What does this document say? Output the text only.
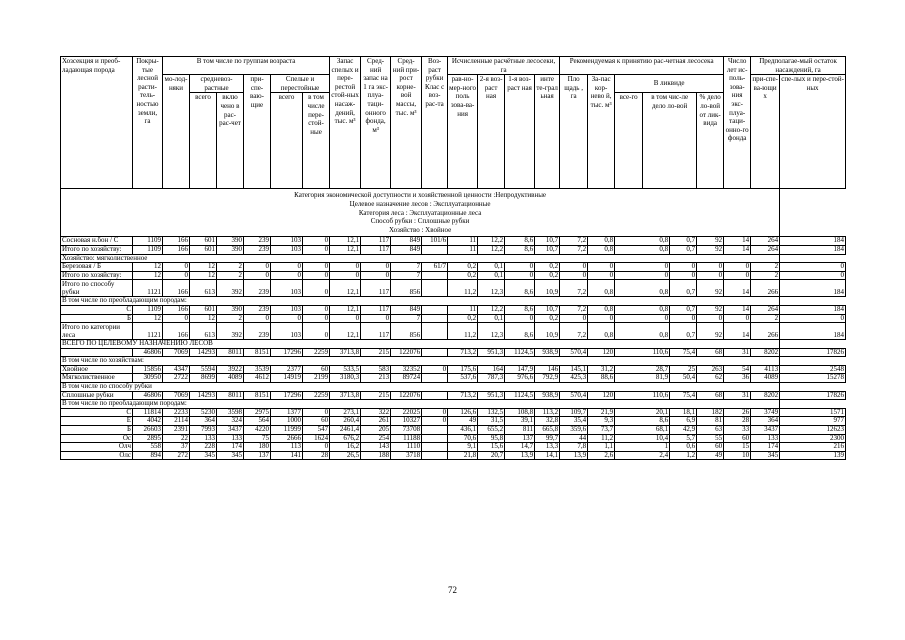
Хозсекция и преоб-ладающая порода	Покры-тые лесной расти-тель-ностью земли, га	В том числе по группам возраста						Запас спелых и пере-рестой стой-ных насаж-дений, тыс. м³	Сред-ний запас на 1 га экс-плуа-таци-онного фонда, м³	Сред-ний при-рост корне-вой массы, тыс. м³	Воз-раст рубки Клас с воз-рас-та	Исчисленные расчётные лесосеки, га				Рекомендуемая к принятию рас-четная лесосека						Число лет ис-поль-зова-ния экс-плуа-таци-онно-го фонда	Предполагае-мый остаток насаждений, га	
		мо-лод-няки	средневоз-растные		при-спе-ваю-щие	Спелые и перестойные						рав-но-мер-ного поль зова-ва-ния	2-я воз-раст ная	1-я воз-раст ная	инте те-грал ьная	Пло щадь , га	За-пас кор-нево й, тыс. м³	В ликвиде					при-спе-ва-ющи х	спе-лых и пере-стой-ных
			всего	вклю чено в рас-рас-чет		всего	в том числе пере-стой-ные											все-го	в том чис-ле дело ло-вой		% дело ло-вой от лик-вида			

Категория экономической доступности и хозяйственной ценности :Непродуктивные
Целевое назначение лесов : Эксплуатационные
Категория леса : Эксплуатационные леса
Способ рубки : Сплошные рубки
Хозяйство : Хвойное																								

Сосновая н.бон / С	1109	166	601	390	239	103	0	12,1	117	849	101/6	11	12,2	8,6	10,7	7,2	0,8	0,8		0,7	92	14	264	184
Итого по хозяйству:	1109	166	601	390	239	103	0	12,1	117	849		11	12,2	8,6	10,7	7,2	0,8	0,8		0,7	92	14	264	184
Хозяйство: мягколиственное																								
Березовая / Б	12	0	12	2	0	0	0	0	0	7	61/7	0,2	0,1	0	0,2	0	0	0		0	0	0	2	0
Итого по хозяйству:	12	0	12	2	0	0	0	0	0	7		0,2	0,1	0	0,2	0	0	0		0	0	0	2	0
Итого по способу рубки	1121	166	613	392	239	103	0	12,1	117	856		11,2	12,3	8,6	10,9	7,2	0,8	0,8		0,7	92	14	266	184
В том числе по преобладающим породам:																								
С	1109	166	601	390	239	103	0	12,1	117	849		11	12,2	8,6	10,7	7,2	0,8	0,8		0,7	92	14	264	184
Б	12	0	12	2	0	0	0	0	0	7		0,2	0,1	0	0,2	0	0	0		0	0	0	2	0
Итого по категории леса	1121	166	613	392	239	103	0	12,1	117	856		11,2	12,3	8,6	10,9	7,2	0,8	0,8		0,7	92	14	266	184
ВСЕГО ПО ЦЕЛЕВОМУ НАЗНАЧЕНИЮ ЛЕСОВ																								
	46806	7069	14293	8011	8151	17296	2259	3713,8	215	122076		713,2	951,3	1124,5	938,9	570,4	120	110,6		75,4	68	31	8202	17826
В том числе по хозяйствам:																								
Хвойное	15856	4347	5594	3922	3539	2377	60	533,5	583	32352	0	175,6	164	147,9	146	145,1	31,2	28,7		25	263	54	4113	2548
Мягколиственное	30950	2722	8699	4089	4612	14919	2199	3180,3	213	89724		537,6	787,3	976,6	792,9	425,3	88,6	81,9		50,4	62	36	4089	15278
В том числе по способу рубки																								
Сплошные рубки	46806	7069	14293	8011	8151	17296	2259	3713,8	215	122076		713,2	951,3	1124,5	938,9	570,4	120	110,6		75,4	68	31	8202	17826
В том числе по преобладающим породам:																								
С	11814	2233	5230	3598	2975	1377	0	273,1	322	22025	0	126,6	132,5	108,8	113,2	109,7	21,9	20,1		18,1	182	26	3749	1571
Е	4042	2114	364	324	564	1000	60	260,4	261	10327	0	49	31,5	39,1	32,8	35,4	9,3	8,6		6,9	81	28	364	977
Б	26603	2391	7993	3437	4220	11999	547	2461,4	205	73708		436,1	655,2	811	665,8	359,6	73,7	68,1		42,9	63	33	3437	12623
Ос	2895	22	133	133	75	2666	1624	676,2	254	11188		70,6	95,8	137	99,7	44	11,2	10,4		5,7	55	60	133	2300
Олч	558	37	228	174	180	113	0	16,2	143	1110		9,1	15,6	14,7	13,3	7,8	1,1	1		0,6	60	15	174	216
Олс	894	272	345	345	137	141	28	26,5	188	3718		21,8	20,7	13,9	14,1	13,9	2,6	2,4		1,2	49	10	345	139
72
